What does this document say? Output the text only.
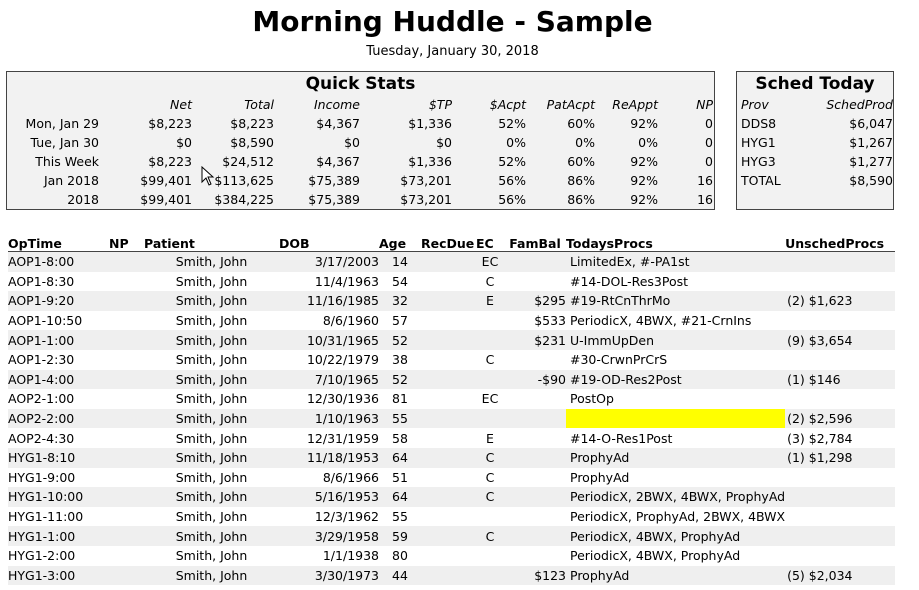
Morning Huddle - Sample
Tuesday, January 30, 2018
Quick Stats
	Net	Total	Income	$TP	$Acpt	PatAcpt	ReAppt	NP
Mon, Jan 29	$8,223	$8,223	$4,367	$1,336	52%	60%	92%	0
Tue, Jan 30	$0	$8,590	$0	$0	0%	0%	0%	0
This Week	$8,223	$24,512	$4,367	$1,336	52%	60%	92%	0
Jan 2018	$99,401	$113,625	$75,389	$73,201	56%	86%	92%	16
2018	$99,401	$384,225	$75,389	$73,201	56%	86%	92%	16
Sched Today
Prov	SchedProd
DDS8	$6,047
HYG1	$1,267
HYG3	$1,277
TOTAL	$8,590
OpTime	NP	Patient	DOB	Age	RecDue	EC	FamBal	TodaysProcs	UnschedProcs
AOP1-8:00		Smith, John	3/17/2003	14		EC		LimitedEx, #-PA1st	
AOP1-8:30		Smith, John	11/4/1963	54		C		#14-DOL-Res3Post	
AOP1-9:20		Smith, John	11/16/1985	32		E	$295	#19-RtCnThrMo	(2) $1,623
AOP1-10:50		Smith, John	8/6/1960	57			$533	PeriodicX, 4BWX, #21-CrnIns	
AOP1-1:00		Smith, John	10/31/1965	52			$231	U-ImmUpDen	(9) $3,654
AOP1-2:30		Smith, John	10/22/1979	38		C		#30-CrwnPrCrS	
AOP1-4:00		Smith, John	7/10/1965	52			-$90	#19-OD-Res2Post	(1) $146
AOP2-1:00		Smith, John	12/30/1936	81		EC		PostOp	
AOP2-2:00		Smith, John	1/10/1963	55					(2) $2,596
AOP2-4:30		Smith, John	12/31/1959	58		E		#14-O-Res1Post	(3) $2,784
HYG1-8:10		Smith, John	11/18/1953	64		C		ProphyAd	(1) $1,298
HYG1-9:00		Smith, John	8/6/1966	51		C		ProphyAd	
HYG1-10:00		Smith, John	5/16/1953	64		C		PeriodicX, 2BWX, 4BWX, ProphyAd	
HYG1-11:00		Smith, John	12/3/1962	55				PeriodicX, ProphyAd, 2BWX, 4BWX	
HYG1-1:00		Smith, John	3/29/1958	59		C		PeriodicX, 4BWX, ProphyAd	
HYG1-2:00		Smith, John	1/1/1938	80				PeriodicX, 4BWX, ProphyAd	
HYG1-3:00		Smith, John	3/30/1973	44			$123	ProphyAd	(5) $2,034
